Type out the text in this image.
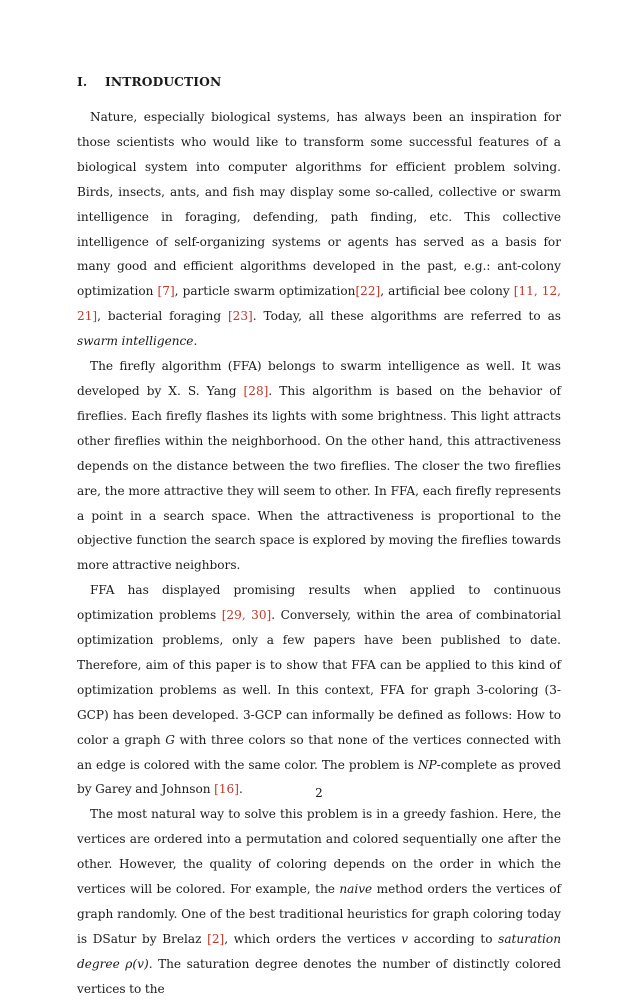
I. INTRODUCTION

Nature, especially biological systems, has always been an inspiration for those scientists who would like to transform some successful features of a biological system into computer algorithms for efficient problem solving. Birds, insects, ants, and fish may display some so-called, collective or swarm intelligence in foraging, defending, path finding, etc. This collective intelligence of self-organizing systems or agents has served as a basis for many good and efficient algorithms developed in the past, e.g.: ant-colony optimization [7], particle swarm optimization[22], artificial bee colony [11, 12, 21], bacterial foraging [23]. Today, all these algorithms are referred to as swarm intelligence.

The firefly algorithm (FFA) belongs to swarm intelligence as well. It was developed by X. S. Yang [28]. This algorithm is based on the behavior of fireflies. Each firefly flashes its lights with some brightness. This light attracts other fireflies within the neighborhood. On the other hand, this attractiveness depends on the distance between the two fireflies. The closer the two fireflies are, the more attractive they will seem to other. In FFA, each firefly represents a point in a search space. When the attractiveness is proportional to the objective function the search space is explored by moving the fireflies towards more attractive neighbors.

FFA has displayed promising results when applied to continuous optimization problems [29, 30]. Conversely, within the area of combinatorial optimization problems, only a few papers have been published to date. Therefore, aim of this paper is to show that FFA can be applied to this kind of optimization problems as well. In this context, FFA for graph 3-coloring (3-GCP) has been developed. 3-GCP can informally be defined as follows: How to color a graph G with three colors so that none of the vertices connected with an edge is colored with the same color. The problem is NP-complete as proved by Garey and Johnson [16].

The most natural way to solve this problem is in a greedy fashion. Here, the vertices are ordered into a permutation and colored sequentially one after the other. However, the quality of coloring depends on the order in which the vertices will be colored. For example, the naive method orders the vertices of graph randomly. One of the best traditional heuristics for graph coloring today is DSatur by Brelaz [2], which orders the vertices v according to saturation degree ρ(v). The saturation degree denotes the number of distinctly colored vertices to the

2
